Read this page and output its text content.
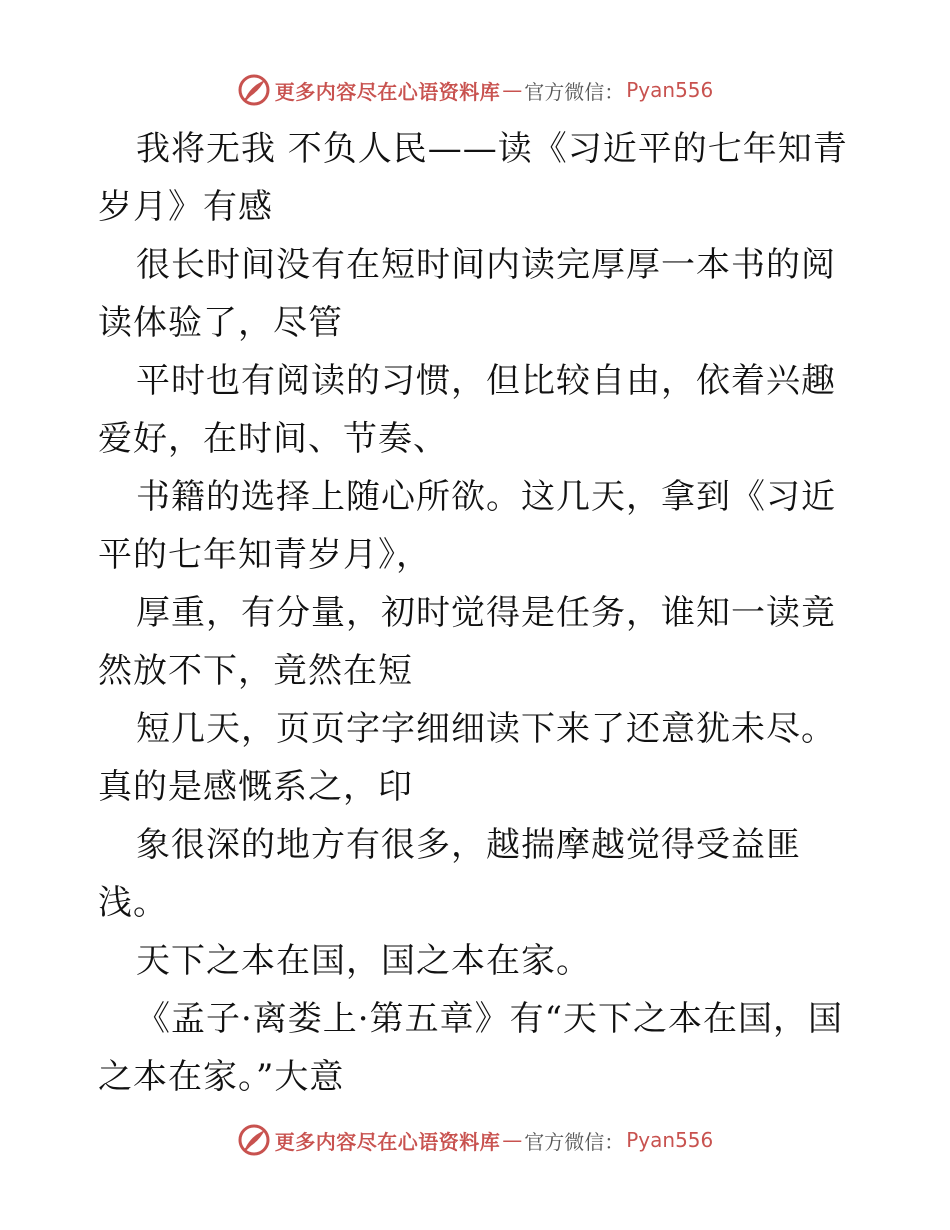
更多内容尽在心语资料库 — 官方微信： Pyan556

我将无我 不负人民——读《习近平的七年知青岁月》有感

很长时间没有在短时间内读完厚厚一本书的阅读体验了，尽管

平时也有阅读的习惯，但比较自由，依着兴趣爱好，在时间、节奏、

书籍的选择上随心所欲。这几天，拿到《习近平的七年知青岁月》，

厚重，有分量，初时觉得是任务，谁知一读竟然放不下，竟然在短

短几天，页页字字细细读下来了还意犹未尽。真的是感慨系之，印

象很深的地方有很多，越揣摩越觉得受益匪浅。

天下之本在国，国之本在家。

《孟子·离娄上·第五章》有“天下之本在国，国之本在家。”大意

更多内容尽在心语资料库 — 官方微信： Pyan556
